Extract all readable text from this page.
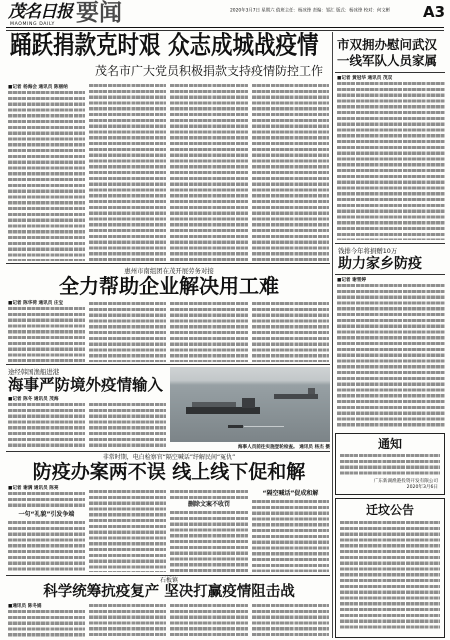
茂名日报
MAOMING DAILY 要闻	2020年3月7日 星期六 值班主任：杨冰锋 责编：邹汇 版式：杨冰锋 校对：何文彬 A3
踊跃捐款克时艰 众志成城战疫情
茂名市广大党员积极捐款支持疫情防控工作
■记者 杨海会 通讯员 陈丽纳
市双拥办慰问武汉
一线军队人员家属
■记者 黄冠华 通讯员 茂双
钱排今年将捐赠10万
助力家乡防疫
■记者 谢雪婷
通知
广东新湖渔港投资开发有限公司
2020年3月6日
迁坟公告
惠州市南组团在茂开展劳务对接
全力帮助企业解决用工难
■记者 陈华荷 通讯员 庄宝
途经韩国渔船进港
海事严防境外疫情输入
■记者 陈冬 通讯员 茂海
海事人员前往实施登轮检查。 通讯员 杨杰 摄
非常时期，电白检察官“隔空喊话”纾解民间“冤仇”
防疫办案两不误 线上线下促和解
■记者 谢满 通讯员 陈亮
一句“礼貌”引发争端
删除文案不收罚
“隔空喊话”促成和解
石板镇
科学统筹抗疫复产 坚决打赢疫情阻击战
■通讯员 陈冬娟
